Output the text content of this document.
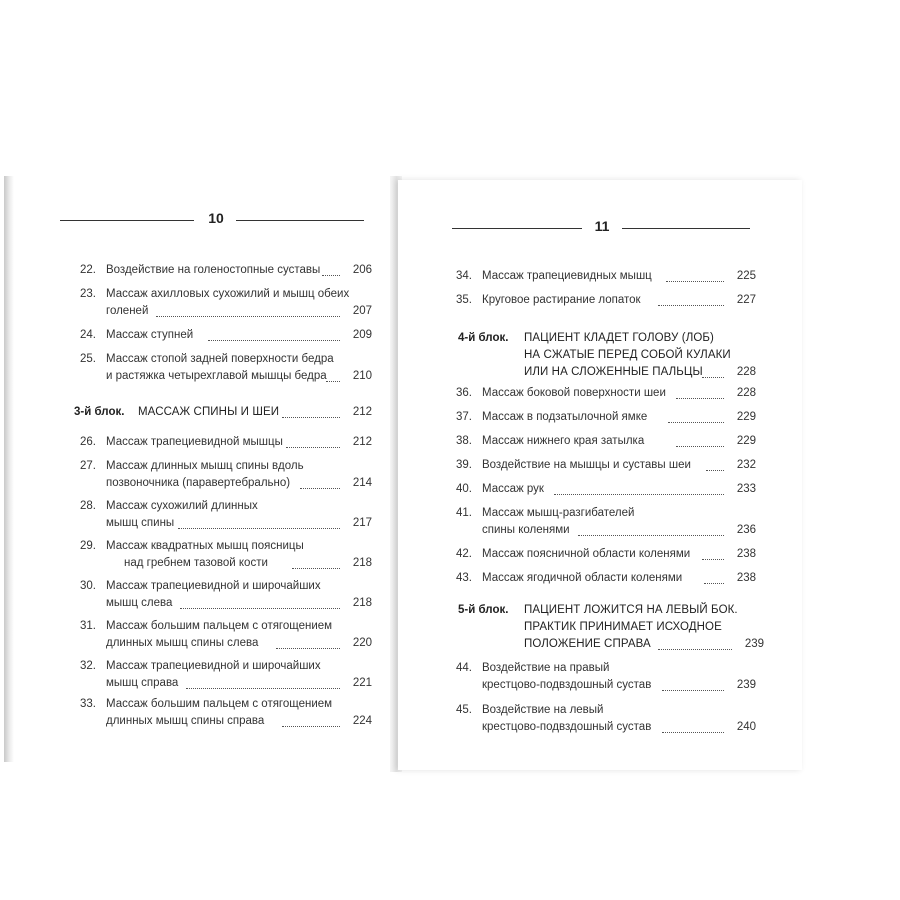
10
22. Воздействие на голеностопные суставы	206
23. Массаж ахилловых сухожилий и мышц обеих
голеней	207
24. Массаж ступней	209
25. Массаж стопой задней поверхности бедра
и растяжка четырехглавой мышцы бедра	210
3-й блок. МАССАЖ СПИНЫ И ШЕИ	212
26. Массаж трапециевидной мышцы	212
27. Массаж длинных мышц спины вдоль
позвоночника (паравертебрально)	214
28. Массаж сухожилий длинных
мышц спины	217
29. Массаж квадратных мышц поясницы
над гребнем тазовой кости	218
30. Массаж трапециевидной и широчайших
мышц слева	218
31. Массаж большим пальцем с отягощением
длинных мышц спины слева	220
32. Массаж трапециевидной и широчайших
мышц справа	221
33. Массаж большим пальцем с отягощением
длинных мышц спины справа	224
11
34. Массаж трапециевидных мышц	225
35. Круговое растирание лопаток	227
4-й блок. ПАЦИЕНТ КЛАДЕТ ГОЛОВУ (ЛОБ)
НА СЖАТЫЕ ПЕРЕД СОБОЙ КУЛАКИ
ИЛИ НА СЛОЖЕННЫЕ ПАЛЬЦЫ	228
36. Массаж боковой поверхности шеи	228
37. Массаж в подзатылочной ямке	229
38. Массаж нижнего края затылка	229
39. Воздействие на мышцы и суставы шеи	232
40. Массаж рук	233
41. Массаж мышц-разгибателей
спины коленями	236
42. Массаж поясничной области коленями	238
43. Массаж ягодичной области коленями	238
5-й блок. ПАЦИЕНТ ЛОЖИТСЯ НА ЛЕВЫЙ БОК.
ПРАКТИК ПРИНИМАЕТ ИСХОДНОЕ
ПОЛОЖЕНИЕ СПРАВА	239
44. Воздействие на правый
крестцово-подвздошный сустав	239
45. Воздействие на левый
крестцово-подвздошный сустав	240
